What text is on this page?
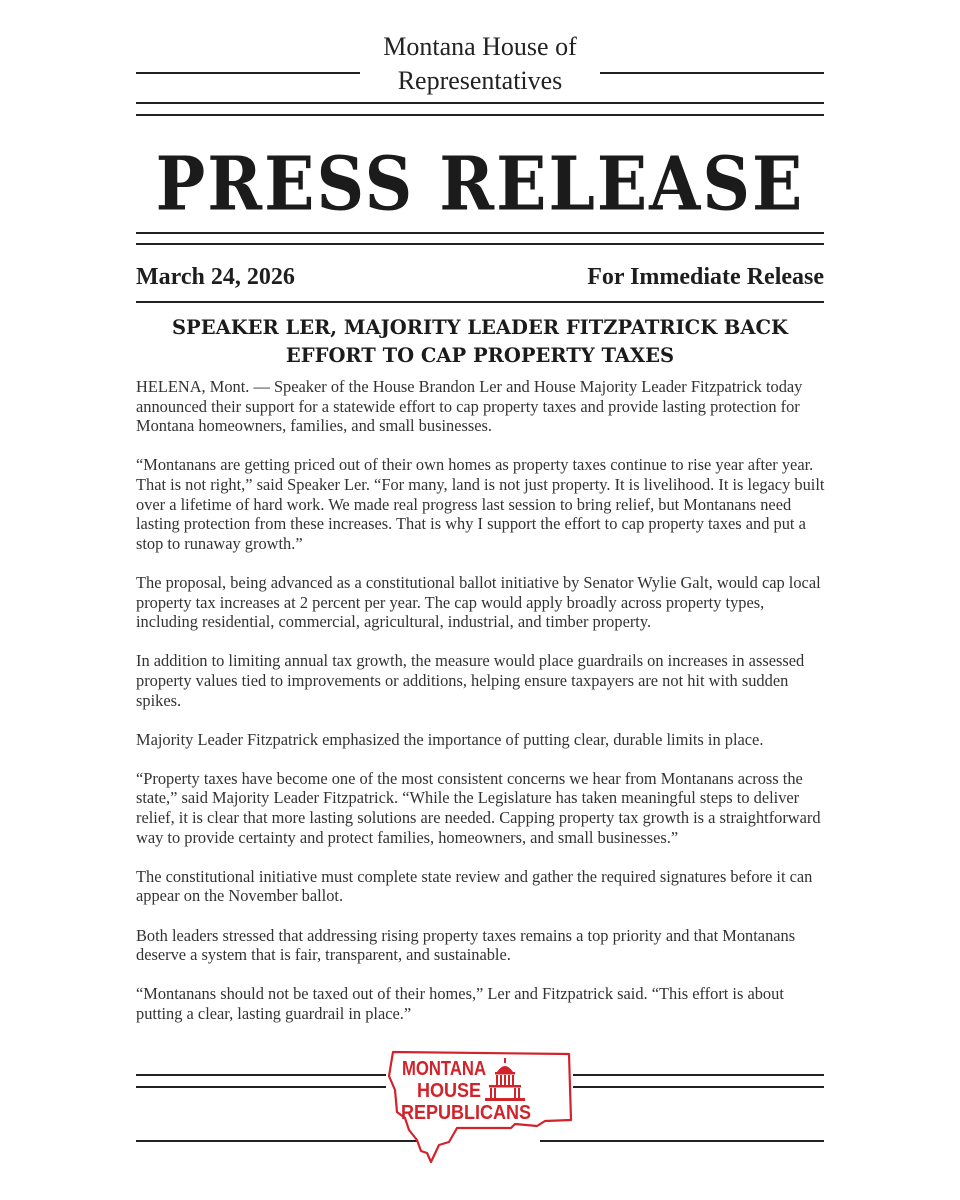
Montana House of
Representatives
PRESS RELEASE
March 24, 2026	For Immediate Release
SPEAKER LER, MAJORITY LEADER FITZPATRICK BACK
EFFORT TO CAP PROPERTY TAXES

HELENA, Mont. — Speaker of the House Brandon Ler and House Majority Leader Fitzpatrick today announced their support for a statewide effort to cap property taxes and provide lasting protection for Montana homeowners, families, and small businesses.

“Montanans are getting priced out of their own homes as property taxes continue to rise year after year. That is not right,” said Speaker Ler. “For many, land is not just property. It is livelihood. It is legacy built over a lifetime of hard work. We made real progress last session to bring relief, but Montanans need lasting protection from these increases. That is why I support the effort to cap property taxes and put a stop to runaway growth.”

The proposal, being advanced as a constitutional ballot initiative by Senator Wylie Galt, would cap local property tax increases at 2 percent per year. The cap would apply broadly across property types, including residential, commercial, agricultural, industrial, and timber property.

In addition to limiting annual tax growth, the measure would place guardrails on increases in assessed property values tied to improvements or additions, helping ensure taxpayers are not hit with sudden spikes.

Majority Leader Fitzpatrick emphasized the importance of putting clear, durable limits in place.

“Property taxes have become one of the most consistent concerns we hear from Montanans across the state,” said Majority Leader Fitzpatrick. “While the Legislature has taken meaningful steps to deliver relief, it is clear that more lasting solutions are needed. Capping property tax growth is a straightforward way to provide certainty and protect families, homeowners, and small businesses.”

The constitutional initiative must complete state review and gather the required signatures before it can appear on the November ballot.

Both leaders stressed that addressing rising property taxes remains a top priority and that Montanans deserve a system that is fair, transparent, and sustainable.

“Montanans should not be taxed out of their homes,” Ler and Fitzpatrick said. “This effort is about putting a clear, lasting guardrail in place.”

MONTANA
HOUSE
REPUBLICANS
